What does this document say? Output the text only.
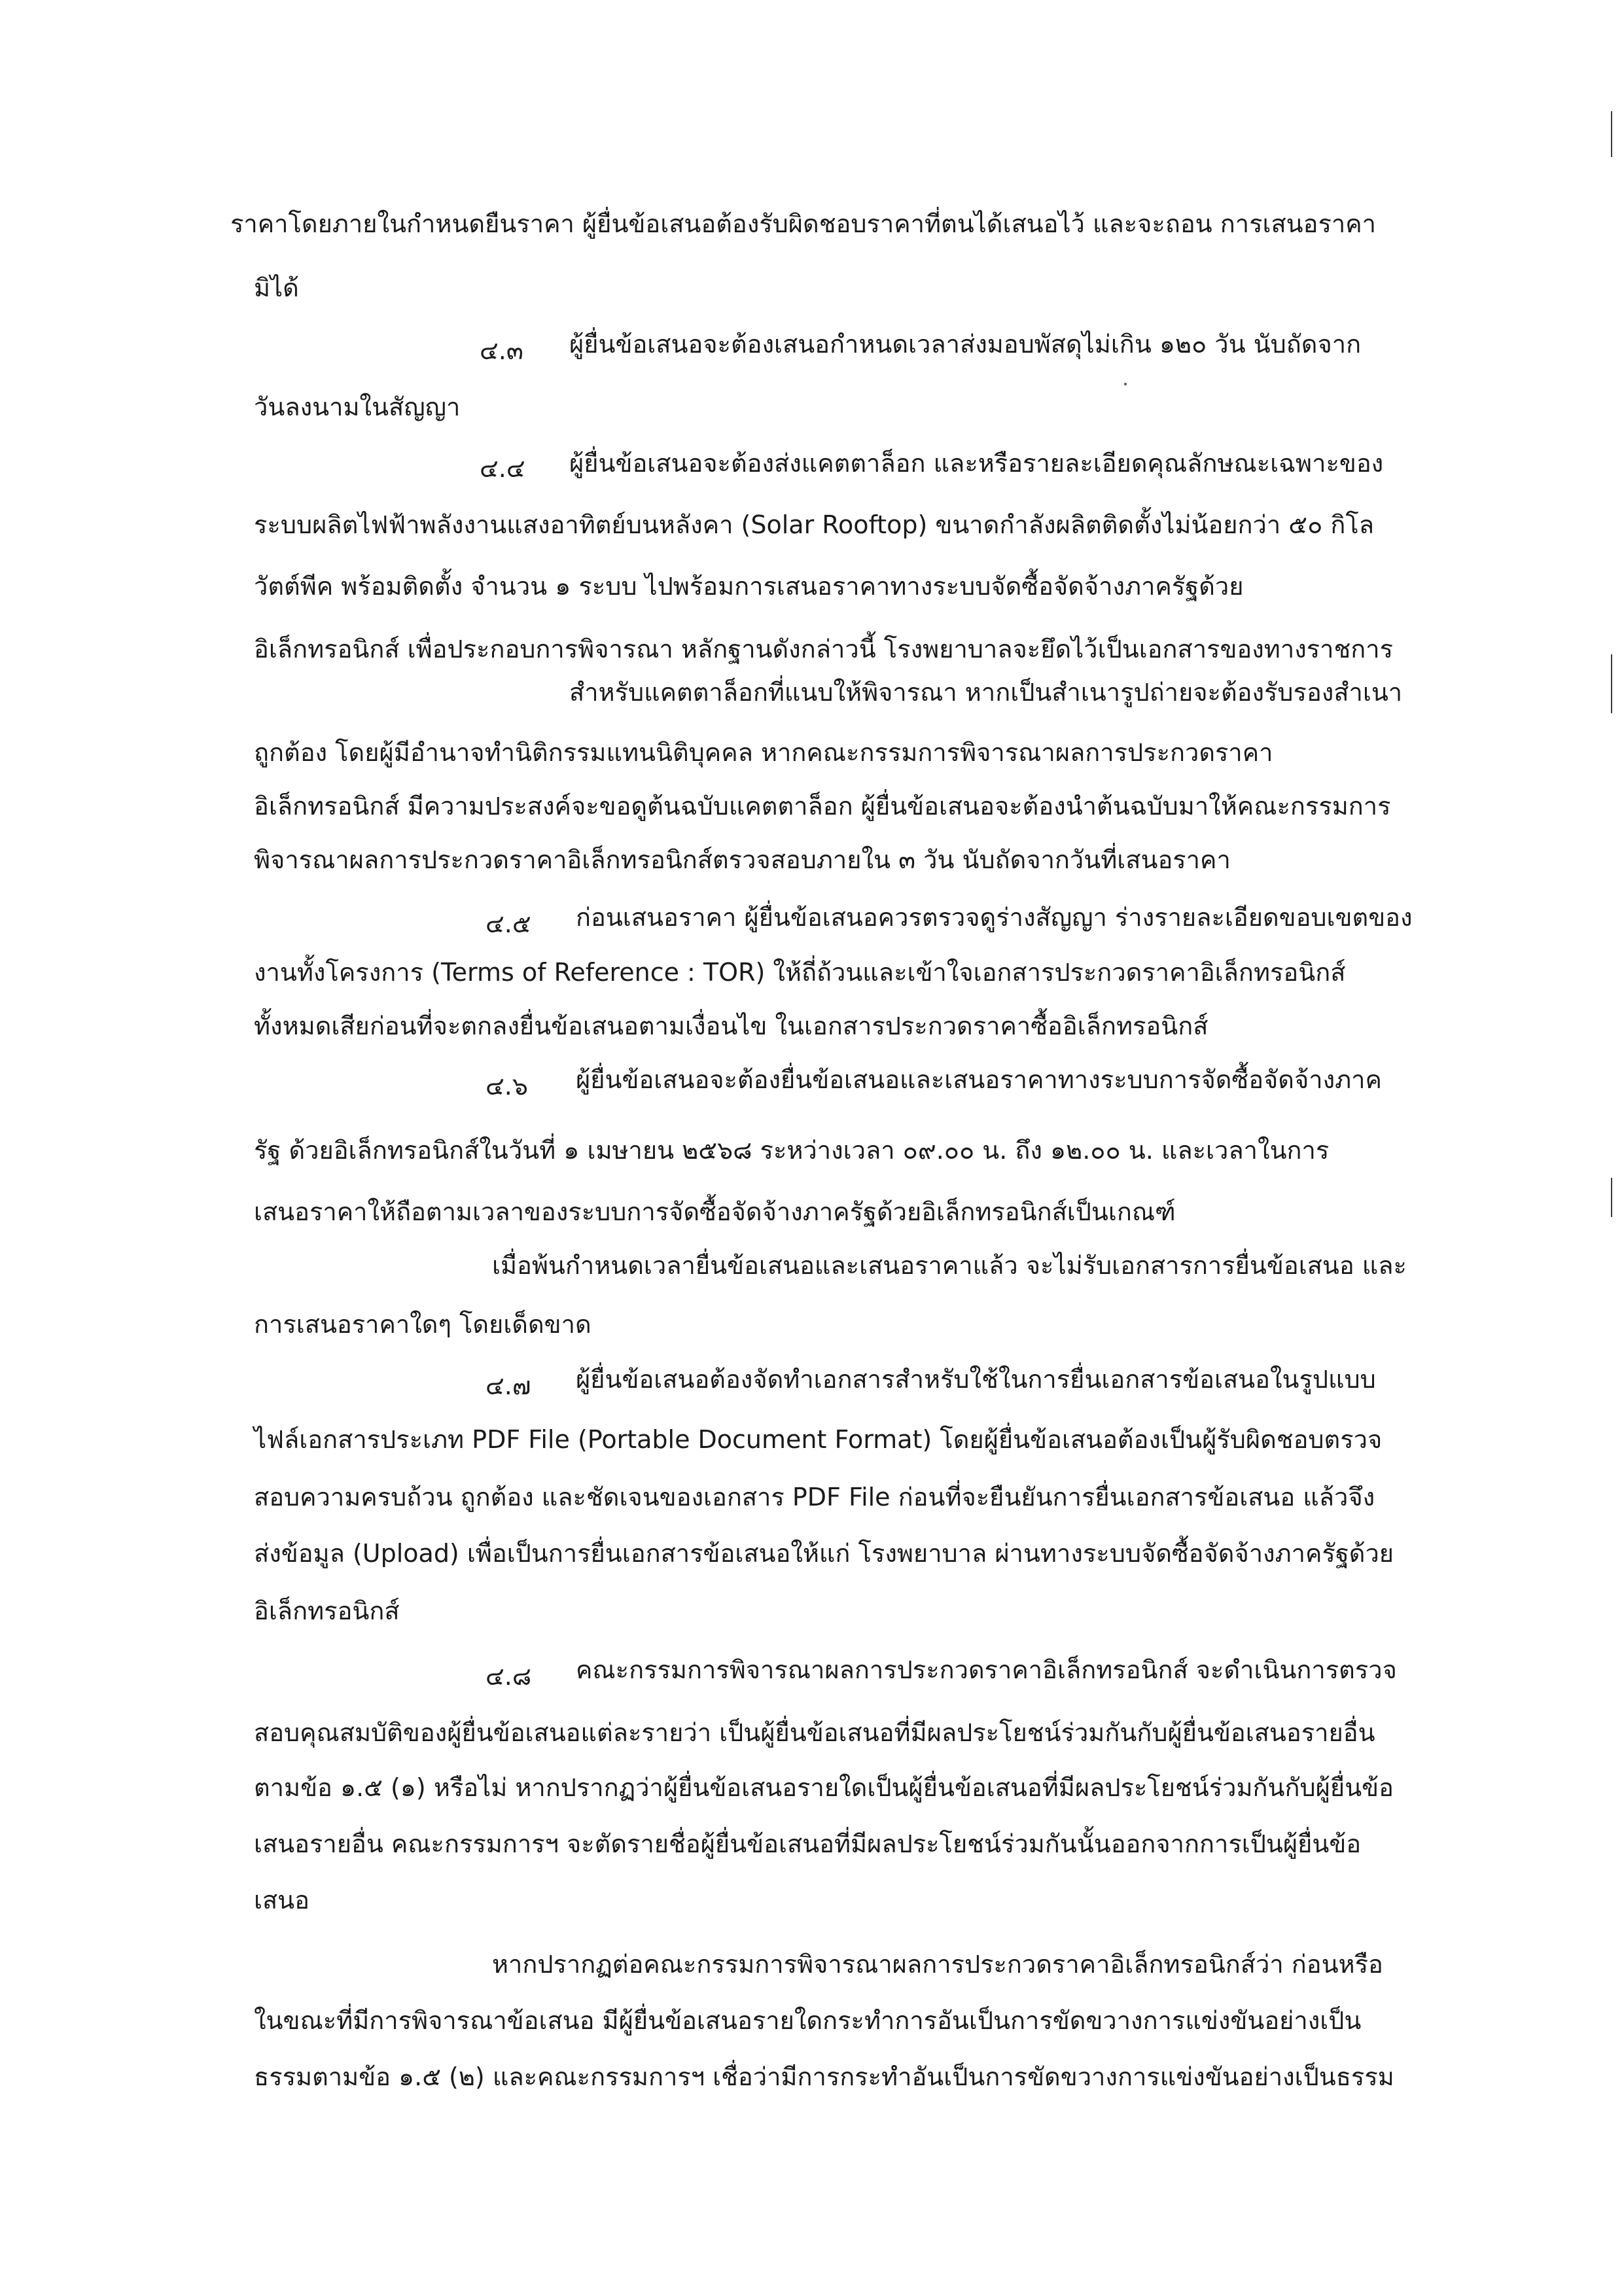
ราคาโดยภายในกำหนดยืนราคา ผู้ยื่นข้อเสนอต้องรับผิดชอบราคาที่ตนได้เสนอไว้ และจะถอน การเสนอราคา
มิได้
๔.๓ ผู้ยื่นข้อเสนอจะต้องเสนอกำหนดเวลาส่งมอบพัสดุไม่เกิน ๑๒๐ วัน นับถัดจาก
วันลงนามในสัญญา
๔.๔ ผู้ยื่นข้อเสนอจะต้องส่งแคตตาล็อก และหรือรายละเอียดคุณลักษณะเฉพาะของ
ระบบผลิตไฟฟ้าพลังงานแสงอาทิตย์บนหลังคา (Solar Rooftop) ขนาดกำลังผลิตติดตั้งไม่น้อยกว่า ๕๐ กิโล
วัตต์พีค พร้อมติดตั้ง จำนวน ๑ ระบบ ไปพร้อมการเสนอราคาทางระบบจัดซื้อจัดจ้างภาครัฐด้วย
อิเล็กทรอนิกส์ เพื่อประกอบการพิจารณา หลักฐานดังกล่าวนี้ โรงพยาบาลจะยึดไว้เป็นเอกสารของทางราชการ
สำหรับแคตตาล็อกที่แนบให้พิจารณา หากเป็นสำเนารูปถ่ายจะต้องรับรองสำเนา
ถูกต้อง โดยผู้มีอำนาจทำนิติกรรมแทนนิติบุคคล หากคณะกรรมการพิจารณาผลการประกวดราคา
อิเล็กทรอนิกส์ มีความประสงค์จะขอดูต้นฉบับแคตตาล็อก ผู้ยื่นข้อเสนอจะต้องนำต้นฉบับมาให้คณะกรรมการ
พิจารณาผลการประกวดราคาอิเล็กทรอนิกส์ตรวจสอบภายใน ๓ วัน นับถัดจากวันที่เสนอราคา
๔.๕ ก่อนเสนอราคา ผู้ยื่นข้อเสนอควรตรวจดูร่างสัญญา ร่างรายละเอียดขอบเขตของ
งานทั้งโครงการ (Terms of Reference : TOR) ให้ถี่ถ้วนและเข้าใจเอกสารประกวดราคาอิเล็กทรอนิกส์
ทั้งหมดเสียก่อนที่จะตกลงยื่นข้อเสนอตามเงื่อนไข ในเอกสารประกวดราคาซื้ออิเล็กทรอนิกส์
๔.๖ ผู้ยื่นข้อเสนอจะต้องยื่นข้อเสนอและเสนอราคาทางระบบการจัดซื้อจัดจ้างภาค
รัฐ ด้วยอิเล็กทรอนิกส์ในวันที่ ๑ เมษายน ๒๕๖๘ ระหว่างเวลา ๐๙.๐๐ น. ถึง ๑๒.๐๐ น. และเวลาในการ
เสนอราคาให้ถือตามเวลาของระบบการจัดซื้อจัดจ้างภาครัฐด้วยอิเล็กทรอนิกส์เป็นเกณฑ์
เมื่อพ้นกำหนดเวลายื่นข้อเสนอและเสนอราคาแล้ว จะไม่รับเอกสารการยื่นข้อเสนอ และ
การเสนอราคาใดๆ โดยเด็ดขาด
๔.๗ ผู้ยื่นข้อเสนอต้องจัดทำเอกสารสำหรับใช้ในการยื่นเอกสารข้อเสนอในรูปแบบ
ไฟล์เอกสารประเภท PDF File (Portable Document Format) โดยผู้ยื่นข้อเสนอต้องเป็นผู้รับผิดชอบตรวจ
สอบความครบถ้วน ถูกต้อง และชัดเจนของเอกสาร PDF File ก่อนที่จะยืนยันการยื่นเอกสารข้อเสนอ แล้วจึง
ส่งข้อมูล (Upload) เพื่อเป็นการยื่นเอกสารข้อเสนอให้แก่ โรงพยาบาล ผ่านทางระบบจัดซื้อจัดจ้างภาครัฐด้วย
อิเล็กทรอนิกส์
๔.๘ คณะกรรมการพิจารณาผลการประกวดราคาอิเล็กทรอนิกส์ จะดำเนินการตรวจ
สอบคุณสมบัติของผู้ยื่นข้อเสนอแต่ละรายว่า เป็นผู้ยื่นข้อเสนอที่มีผลประโยชน์ร่วมกันกับผู้ยื่นข้อเสนอรายอื่น
ตามข้อ ๑.๕ (๑) หรือไม่ หากปรากฏว่าผู้ยื่นข้อเสนอรายใดเป็นผู้ยื่นข้อเสนอที่มีผลประโยชน์ร่วมกันกับผู้ยื่นข้อ
เสนอรายอื่น คณะกรรมการฯ จะตัดรายชื่อผู้ยื่นข้อเสนอที่มีผลประโยชน์ร่วมกันนั้นออกจากการเป็นผู้ยื่นข้อ
เสนอ
หากปรากฏต่อคณะกรรมการพิจารณาผลการประกวดราคาอิเล็กทรอนิกส์ว่า ก่อนหรือ
ในขณะที่มีการพิจารณาข้อเสนอ มีผู้ยื่นข้อเสนอรายใดกระทำการอันเป็นการขัดขวางการแข่งขันอย่างเป็น
ธรรมตามข้อ ๑.๕ (๒) และคณะกรรมการฯ เชื่อว่ามีการกระทำอันเป็นการขัดขวางการแข่งขันอย่างเป็นธรรม
